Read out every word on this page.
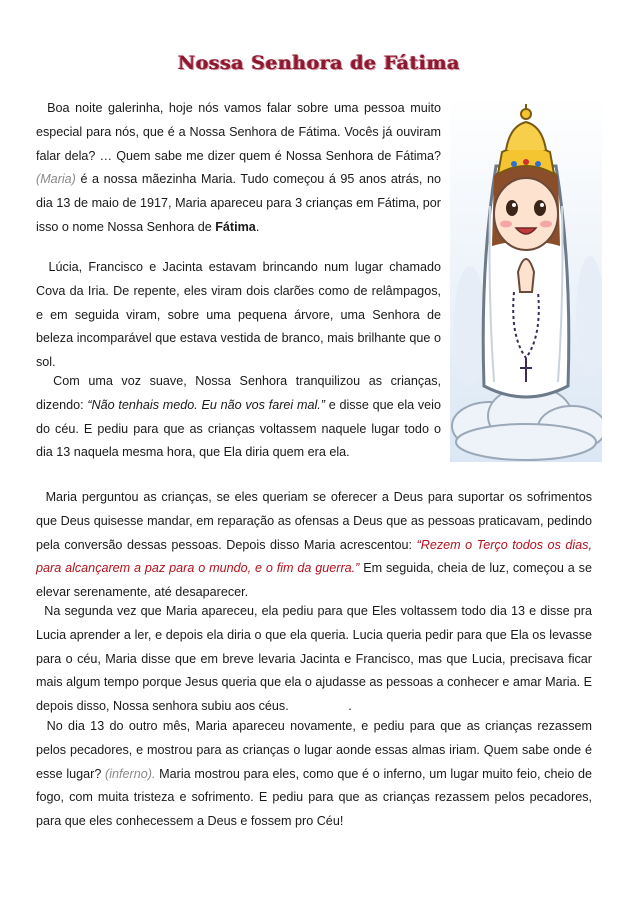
Nossa Senhora de Fátima

Boa noite galerinha, hoje nós vamos falar sobre uma pessoa muito especial para nós, que é a Nossa Senhora de Fátima. Vocês já ouviram falar dela? … Quem sabe me dizer quem é Nossa Senhora de Fátima? (Maria) é a nossa mãezinha Maria. Tudo começou á 95 anos atrás, no dia 13 de maio de 1917, Maria apareceu para 3 crianças em Fátima, por isso o nome Nossa Senhora de Fátima.

Lúcia, Francisco e Jacinta estavam brincando num lugar chamado Cova da Iria. De repente, eles viram dois clarões como de relâmpagos, e em seguida viram, sobre uma pequena árvore, uma Senhora de beleza incomparável que estava vestida de branco, mais brilhante que o sol.

Com uma voz suave, Nossa Senhora tranquilizou as crianças, dizendo: “Não tenhais medo. Eu não vos farei mal.” e disse que ela veio do céu. E pediu para que as crianças voltassem naquele lugar todo o dia 13 naquela mesma hora, que Ela diria quem era ela.

Maria perguntou as crianças, se eles queriam se oferecer a Deus para suportar os sofrimentos que Deus quisesse mandar, em reparação as ofensas a Deus que as pessoas praticavam, pedindo pela conversão dessas pessoas. Depois disso Maria acrescentou: “Rezem o Terço todos os dias, para alcançarem a paz para o mundo, e o fim da guerra.” Em seguida, cheia de luz, começou a se elevar serenamente, até desaparecer.

Na segunda vez que Maria apareceu, ela pediu para que Eles voltassem todo dia 13 e disse pra Lucia aprender a ler, e depois ela diria o que ela queria. Lucia queria pedir para que Ela os levasse para o céu, Maria disse que em breve levaria Jacinta e Francisco, mas que Lucia, precisava ficar mais algum tempo porque Jesus queria que ela o ajudasse as pessoas a conhecer e amar Maria. E depois disso, Nossa senhora subiu aos céus.                 .

No dia 13 do outro mês, Maria apareceu novamente, e pediu para que as crianças rezassem pelos pecadores, e mostrou para as crianças o lugar aonde essas almas iriam. Quem sabe onde é esse lugar? (inferno). Maria mostrou para eles, como que é o inferno, um lugar muito feio, cheio de fogo, com muita tristeza e sofrimento. E pediu para que as crianças rezassem pelos pecadores, para que eles conhecessem a Deus e fossem pro Céu!
